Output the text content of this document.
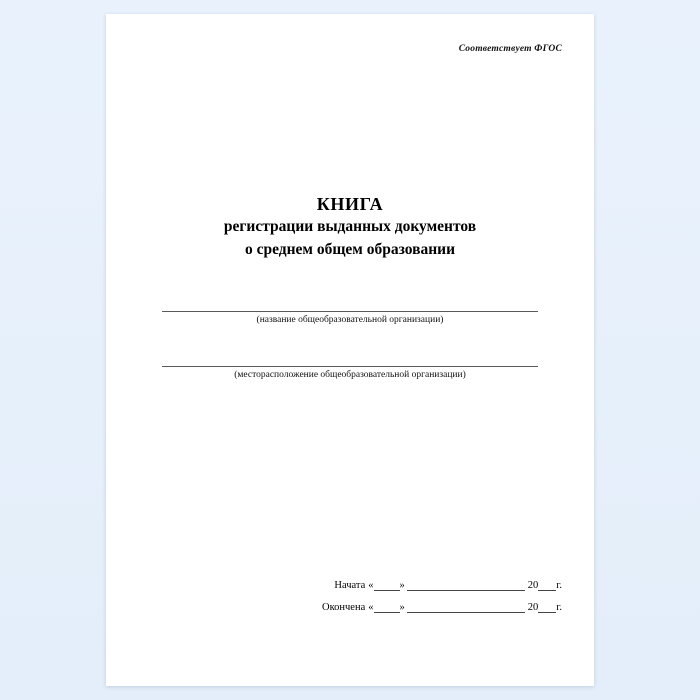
Соответствует ФГОС
КНИГА
регистрации выданных документов
о среднем общем образовании
(название общеобразовательной организации)
(месторасположение общеобразовательной организации)
Начата « »	20 г.
Окончена « »	20 г.
